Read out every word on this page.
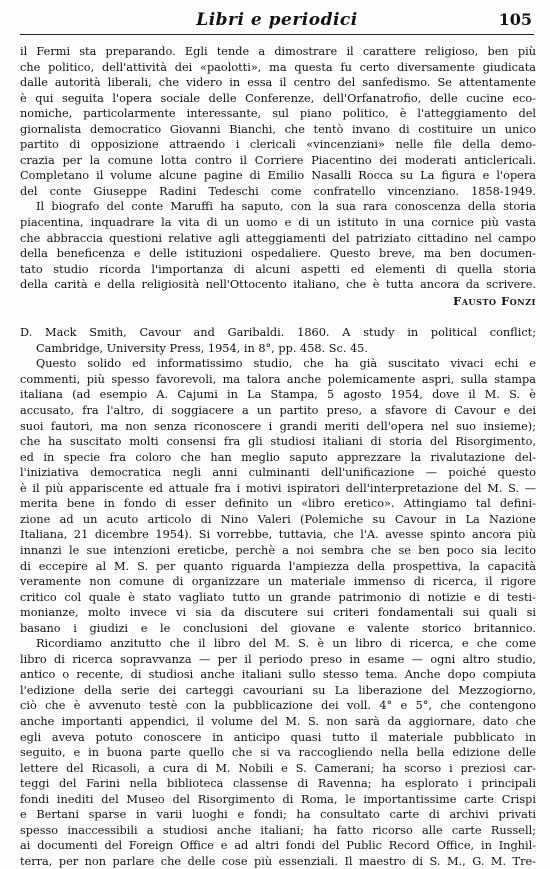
Libri e periodici	105
il Fermi sta preparando. Egli tende a dimostrare il carattere religioso, ben più
che politico, dell'attività dei «paolotti», ma questa fu certo diversamente giudicata
dalle autorità liberali, che videro in essa il centro del sanfedismo. Se attentamente
è qui seguita l'opera sociale delle Conferenze, dell'Orfanatrofio, delle cucine eco-
nomiche, particolarmente interessante, sul piano politico, è l'atteggiamento del
giornalista democratico Giovanni Bianchi, che tentò invano di costituire un unico
partito di opposizione attraendo i clericali «vincenziani» nelle file della demo-
crazia per la comune lotta contro il Corriere Piacentino dei moderati anticlericali.
Completano il volume alcune pagine di Emilio Nasalli Rocca su La figura e l'opera
del conte Giuseppe Radini Tedeschi come confratello vincenziano. 1858-1949.
Il biografo del conte Maruffi ha saputo, con la sua rara conoscenza della storia
piacentina, inquadrare la vita di un uomo e di un istituto in una cornice più vasta
che abbraccia questioni relative agli atteggiamenti del patriziato cittadino nel campo
della beneficenza e delle istituzioni ospedaliere. Questo breve, ma ben documen-
tato studio ricorda l'importanza di alcuni aspetti ed elementi di quella storia
della carità e della religiosità nell'Ottocento italiano, che è tutta ancora da scrivere.
Fausto Fonzi
D. Mack Smith, Cavour and Garibaldi. 1860. A study in political conflict;
Cambridge, University Press, 1954, in 8°, pp. 458. Sc. 45.
Questo solido ed informatissimo studio, che ha già suscitato vivaci echi e
commenti, più spesso favorevoli, ma talora anche polemicamente aspri, sulla stampa
italiana (ad esempio A. Cajumi in La Stampa, 5 agosto 1954, dove il M. S. è
accusato, fra l'altro, di soggiacere a un partito preso, a sfavore di Cavour e dei
suoi fautori, ma non senza riconoscere i grandi meriti dell'opera nel suo insieme);
che ha suscitato molti consensi fra gli studiosi italiani di storia del Risorgimento,
ed in specie fra coloro che han meglio saputo apprezzare la rivalutazione del-
l'iniziativa democratica negli anni culminanti dell'unificazione — poiché questo
è il più appariscente ed attuale fra i motivi ispiratori dell'interpretazione del M. S. —
merita bene in fondo di esser definito un «libro eretico». Attingiamo tal defini-
zione ad un acuto articolo di Nino Valeri (Polemiche su Cavour in La Nazione
Italiana, 21 dicembre 1954). Si vorrebbe, tuttavia, che l'A. avesse spinto ancora più
innanzi le sue intenzioni ereticbe, perchè a noi sembra che se ben poco sia lecito
di eccepire al M. S. per quanto riguarda l'ampiezza della prospettiva, la capacità
veramente non comune di organizzare un materiale immenso di ricerca, il rigore
critico col quale è stato vagliato tutto un grande patrimonio di notizie e di testi-
monianze, molto invece vi sia da discutere sui criteri fondamentali sui quali si
basano i giudizi e le conclusioni del giovane e valente storico britannico.
Ricordiamo anzitutto che il libro del M. S. è un libro di ricerca, e che come
libro di ricerca sopravvanza — per il periodo preso in esame — ogni altro studio,
antico o recente, di studiosi anche italiani sullo stesso tema. Anche dopo compiuta
l'edizione della serie dei carteggi cavouriani su La liberazione del Mezzogiorno,
ciò che è avvenuto testè con la pubblicazione dei voll. 4° e 5°, che contengono
anche importanti appendici, il volume del M. S. non sarà da aggiornare, dato che
egli aveva potuto conoscere in anticipo quasi tutto il materiale pubblicato in
seguito, e in buona parte quello che si va raccogliendo nella bella edizione delle
lettere del Ricasoli, a cura di M. Nobili e S. Camerani; ha scorso i preziosi car-
teggi del Farini nella biblioteca classense di Ravenna; ha esplorato i principali
fondi inediti del Museo del Risorgimento di Roma, le importantissime carte Crispi
e Bertani sparse in varii luoghi e fondi; ha consultato carte di archivi privati
spesso inaccessibili a studiosi anche italiani; ha fatto ricorso alle carte Russell;
ai documenti del Foreign Office e ad altri fondi del Public Record Office, in Inghil-
terra, per non parlare che delle cose più essenziali. Il maestro di S. M., G. M. Tre-
